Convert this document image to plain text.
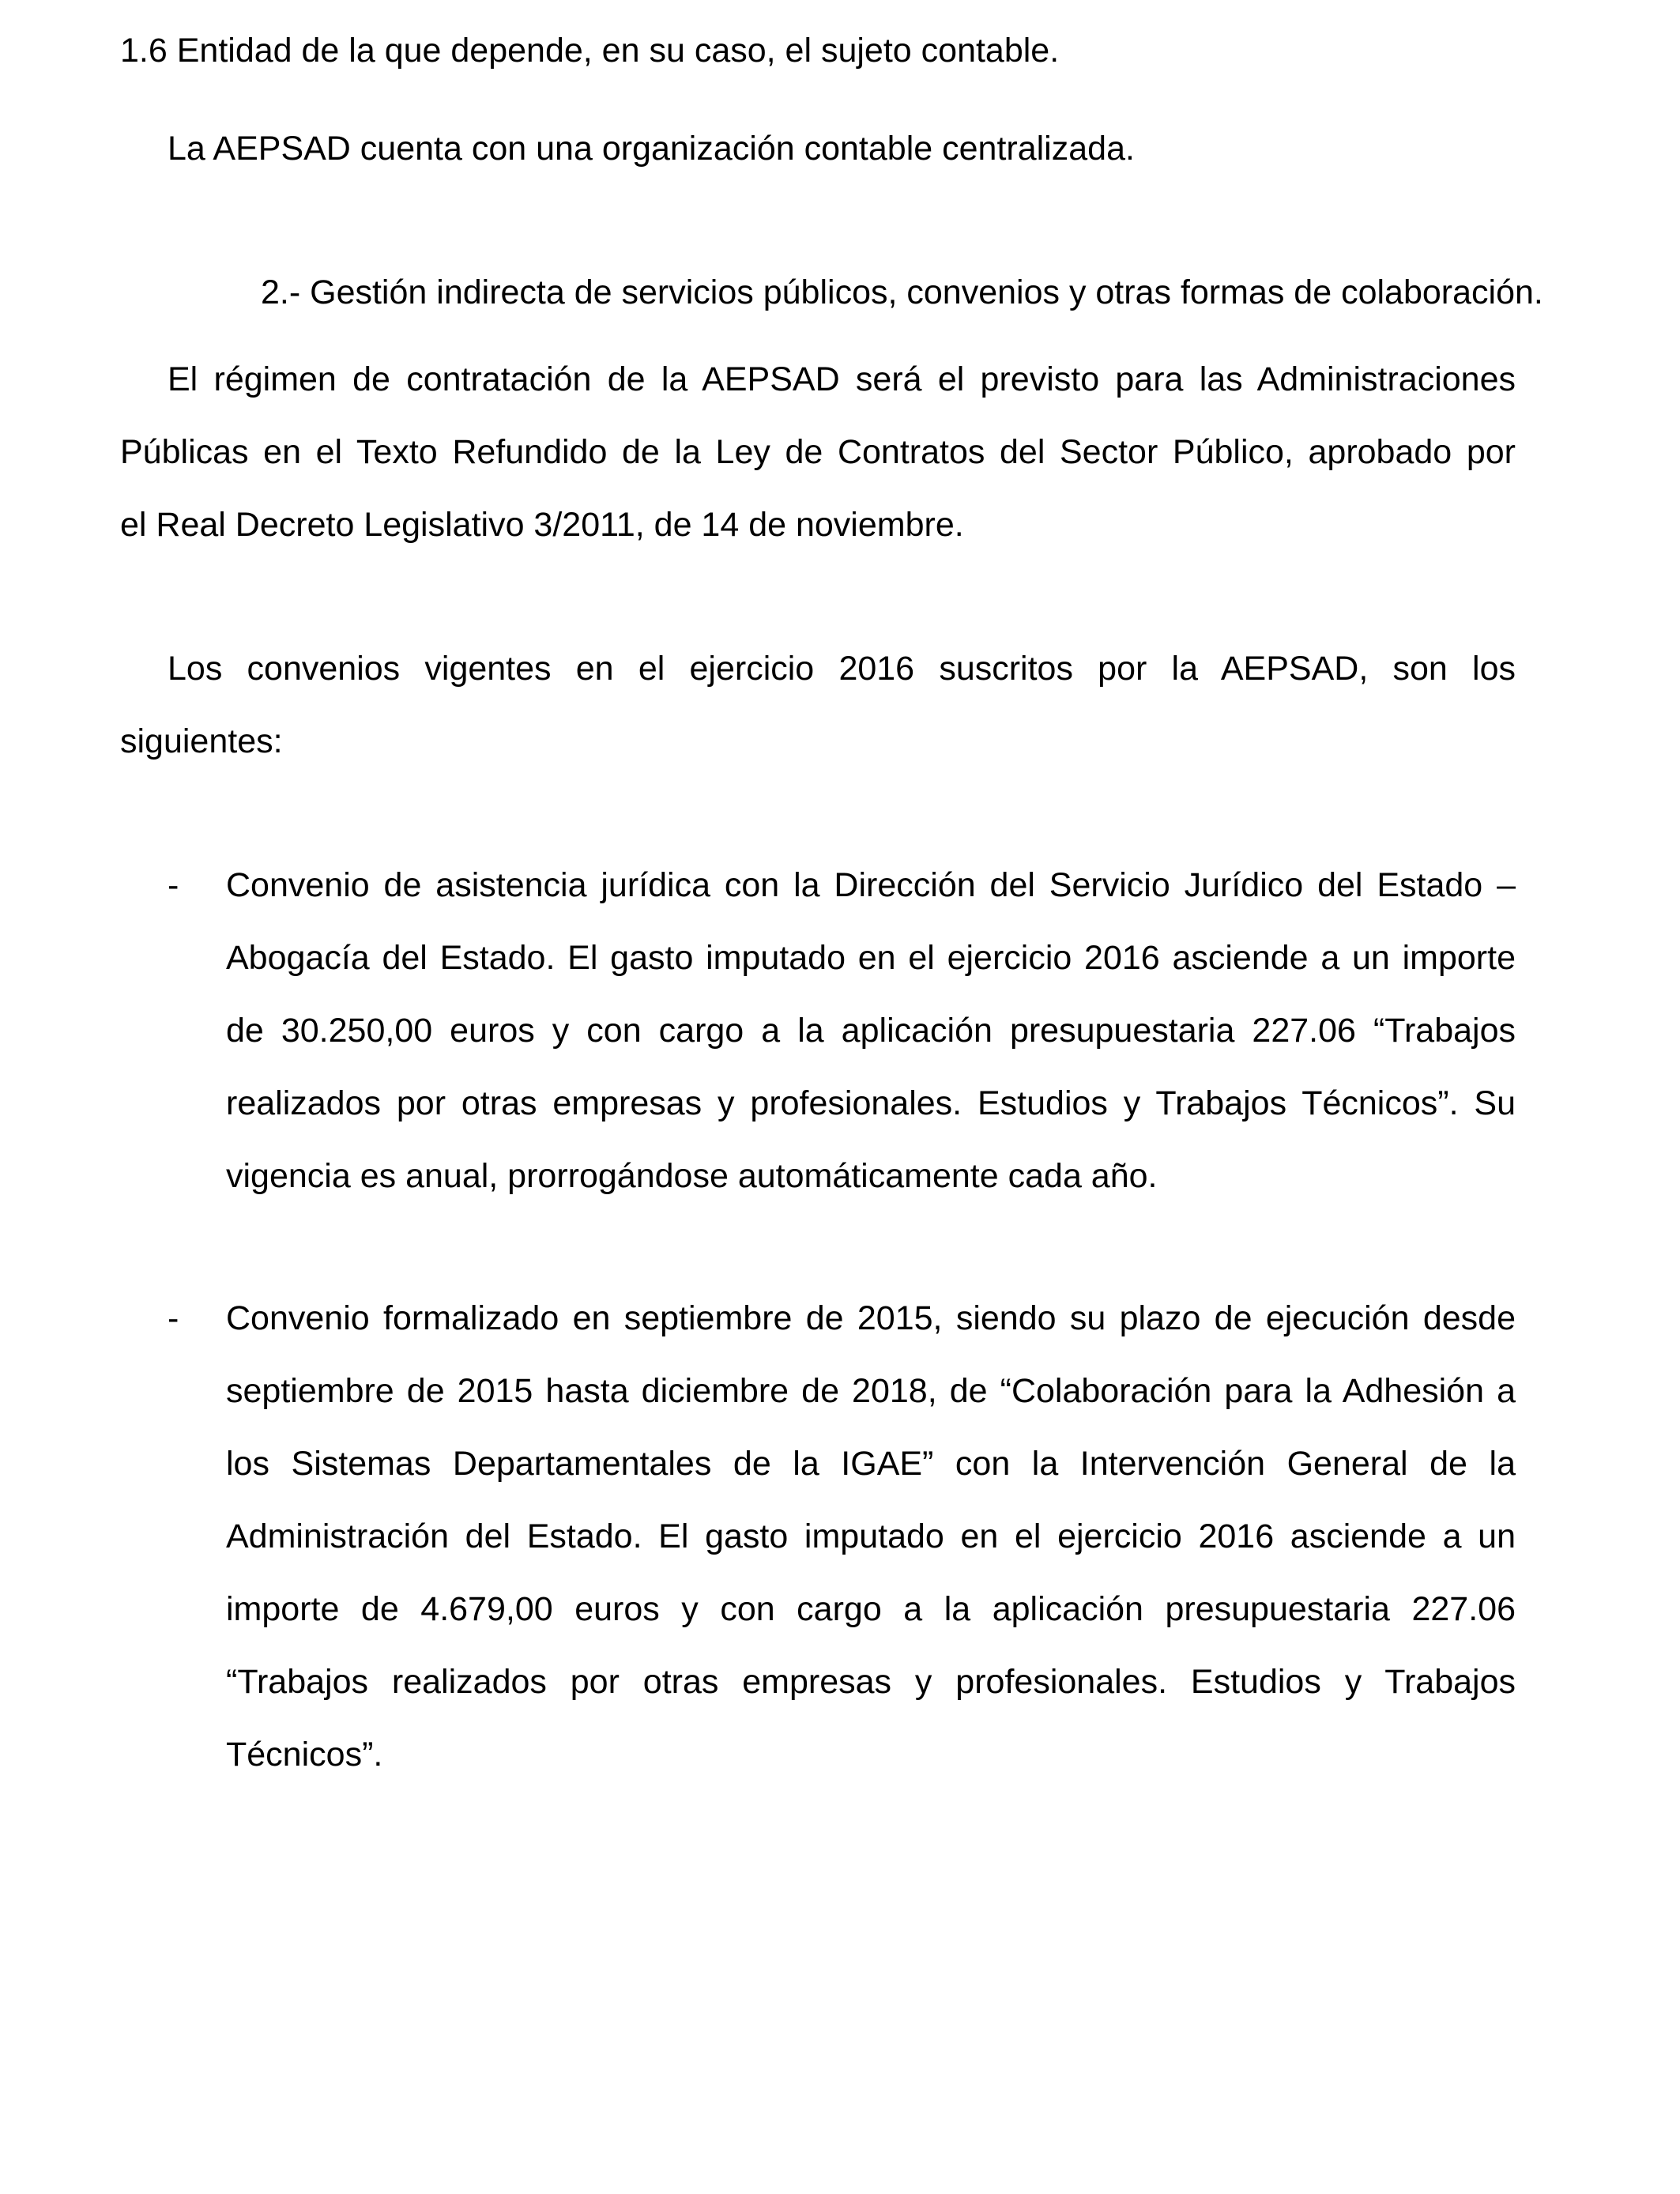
1.6 Entidad de la que depende, en su caso, el sujeto contable.
La AEPSAD cuenta con una organización contable centralizada.
2.- Gestión indirecta de servicios públicos, convenios y otras formas de colaboración.
El régimen de contratación de la AEPSAD será el previsto para las Administraciones
Públicas en el Texto Refundido de la Ley de Contratos del Sector Público, aprobado por
el Real Decreto Legislativo 3/2011, de 14 de noviembre.
Los convenios vigentes en el ejercicio 2016 suscritos por la AEPSAD, son los
siguientes:
- Convenio de asistencia jurídica con la Dirección del Servicio Jurídico del Estado –
Abogacía del Estado. El gasto imputado en el ejercicio 2016 asciende a un importe
de 30.250,00 euros y con cargo a la aplicación presupuestaria 227.06 “Trabajos
realizados por otras empresas y profesionales. Estudios y Trabajos Técnicos”. Su
vigencia es anual, prorrogándose automáticamente cada año.
- Convenio formalizado en septiembre de 2015, siendo su plazo de ejecución desde
septiembre de 2015 hasta diciembre de 2018, de “Colaboración para la Adhesión a
los Sistemas Departamentales de la IGAE” con la Intervención General de la
Administración del Estado. El gasto imputado en el ejercicio 2016 asciende a un
importe de 4.679,00 euros y con cargo a la aplicación presupuestaria 227.06
“Trabajos realizados por otras empresas y profesionales. Estudios y Trabajos
Técnicos”.
